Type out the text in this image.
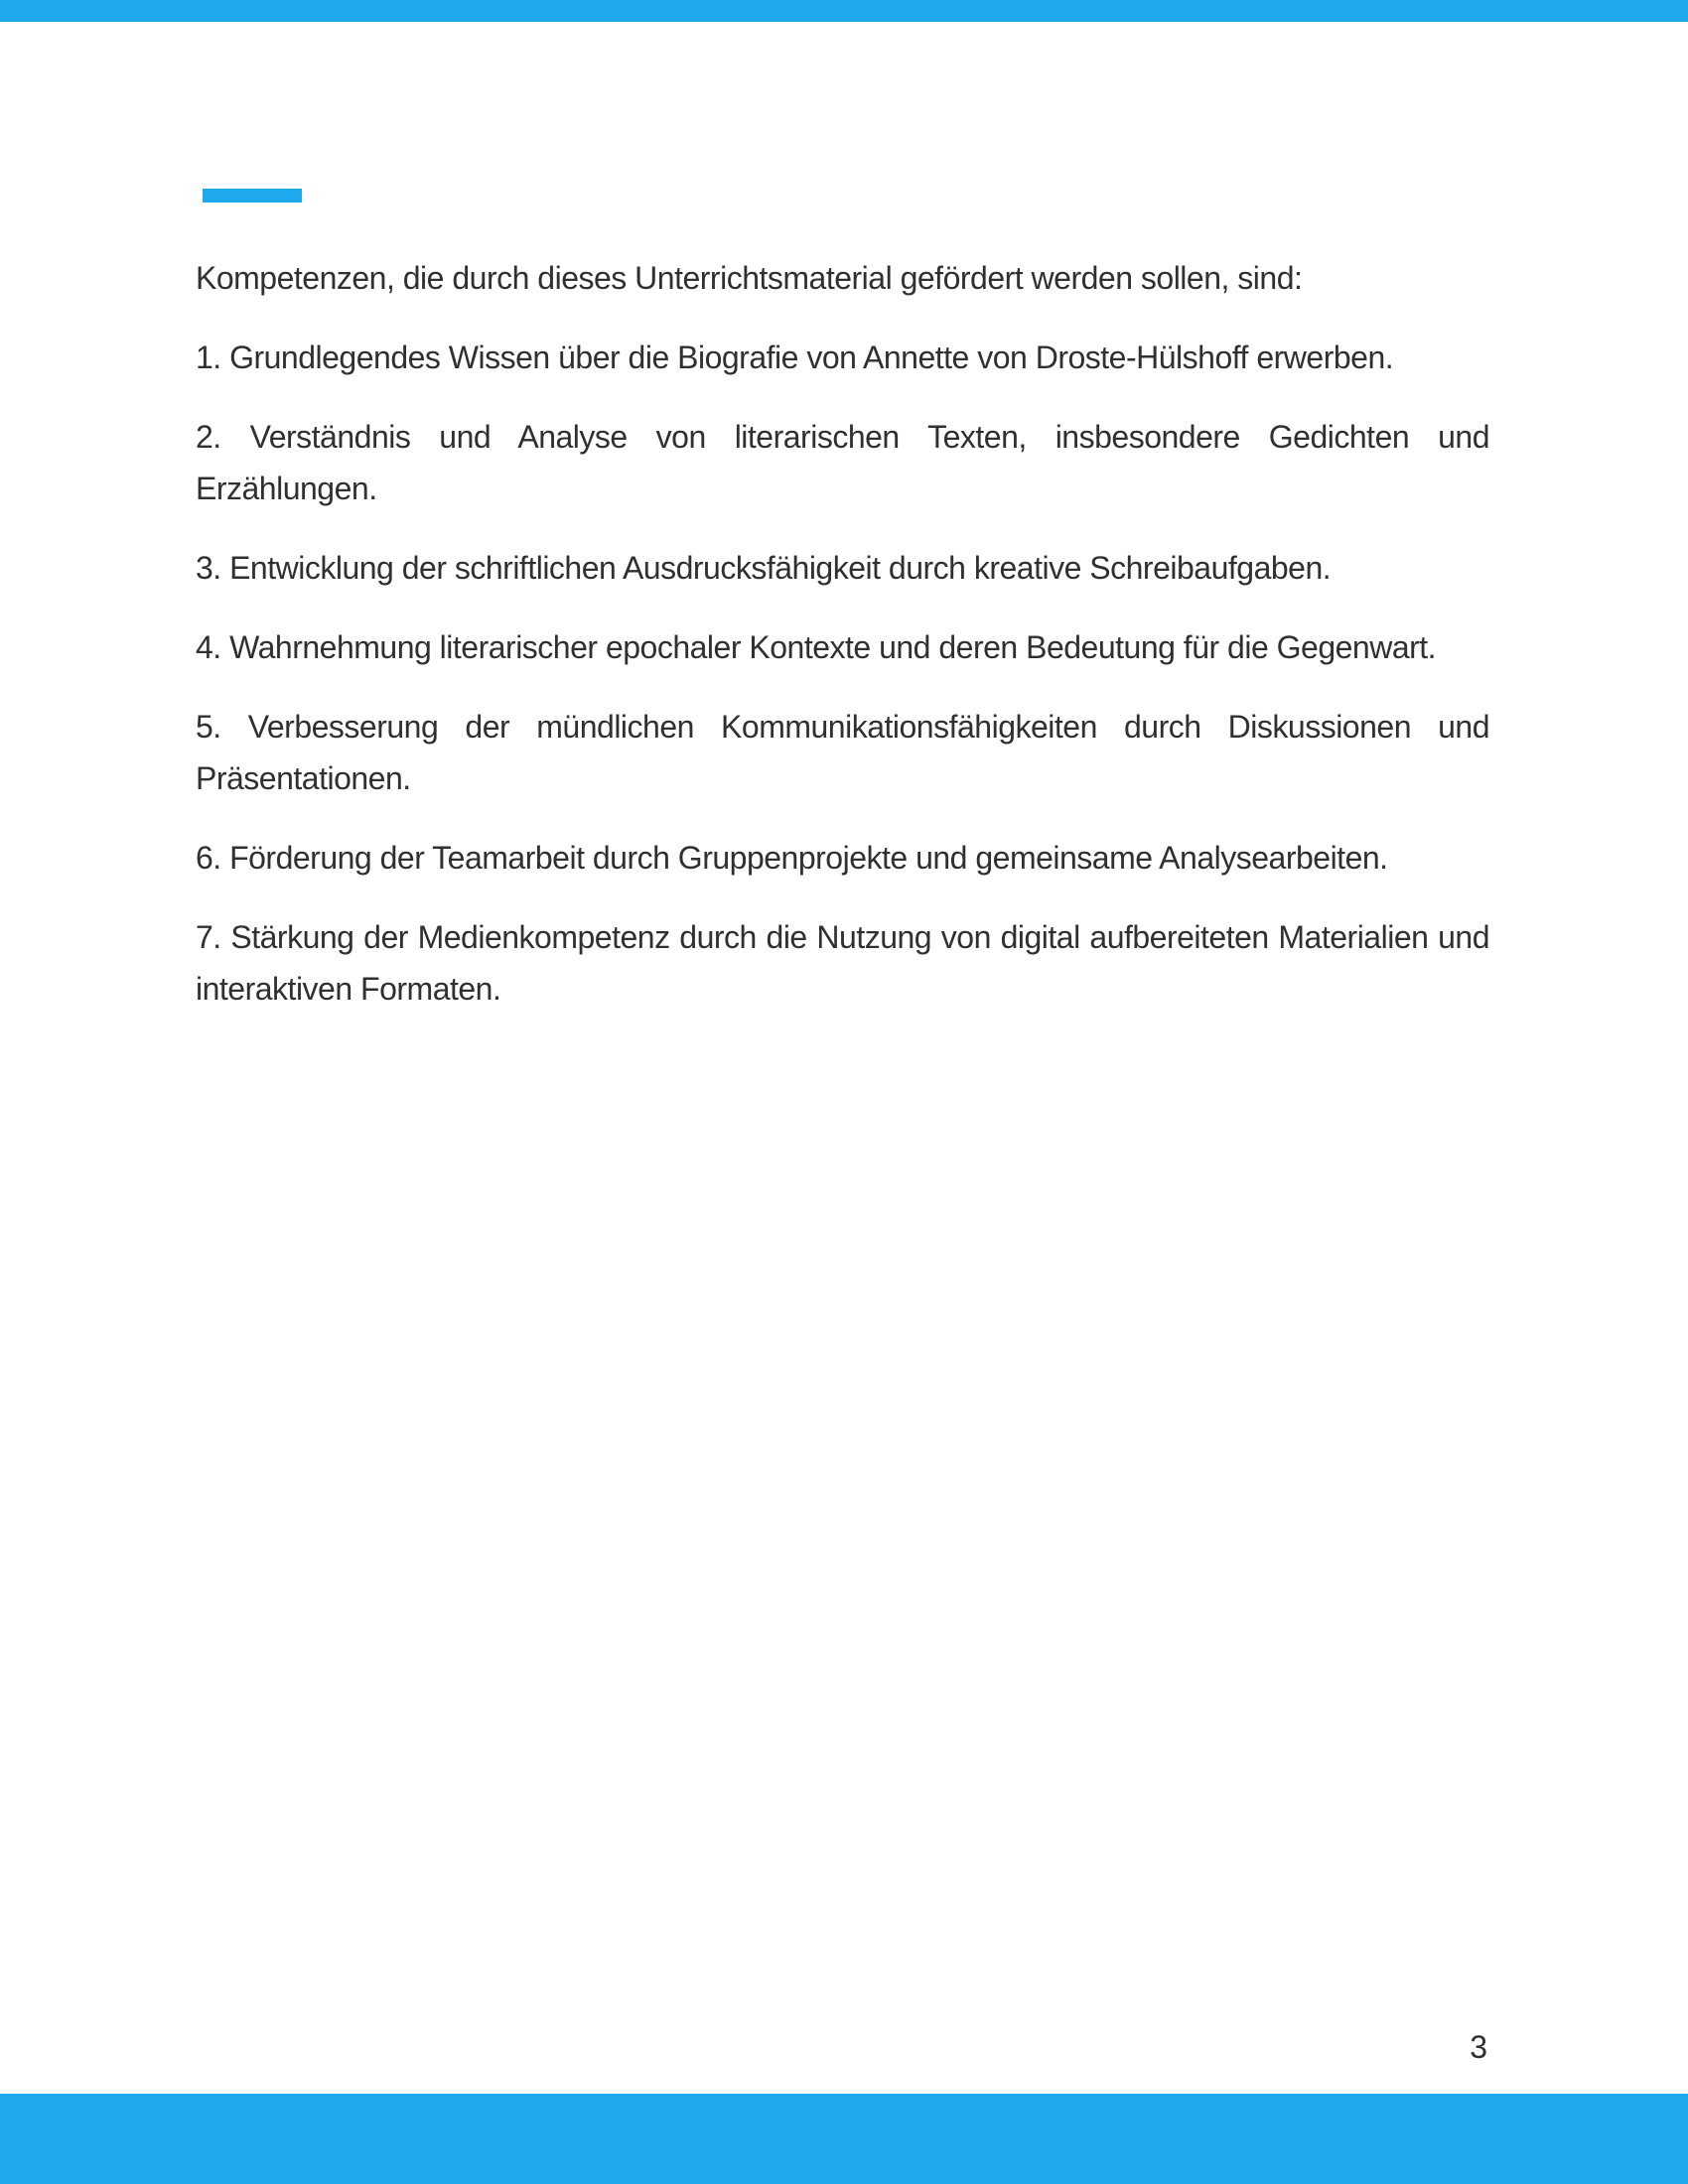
Kompetenzen, die durch dieses Unterrichtsmaterial gefördert werden sollen, sind:

1. Grundlegendes Wissen über die Biografie von Annette von Droste-Hülshoff erwerben.

2. Verständnis und Analyse von literarischen Texten, insbesondere Gedichten und Erzählungen.

3. Entwicklung der schriftlichen Ausdrucksfähigkeit durch kreative Schreibaufgaben.

4. Wahrnehmung literarischer epochaler Kontexte und deren Bedeutung für die Gegenwart.

5. Verbesserung der mündlichen Kommunikationsfähigkeiten durch Diskussionen und Präsentationen.

6. Förderung der Teamarbeit durch Gruppenprojekte und gemeinsame Analysearbeiten.

7. Stärkung der Medienkompetenz durch die Nutzung von digital aufbereiteten Materialien und interaktiven Formaten.

3
